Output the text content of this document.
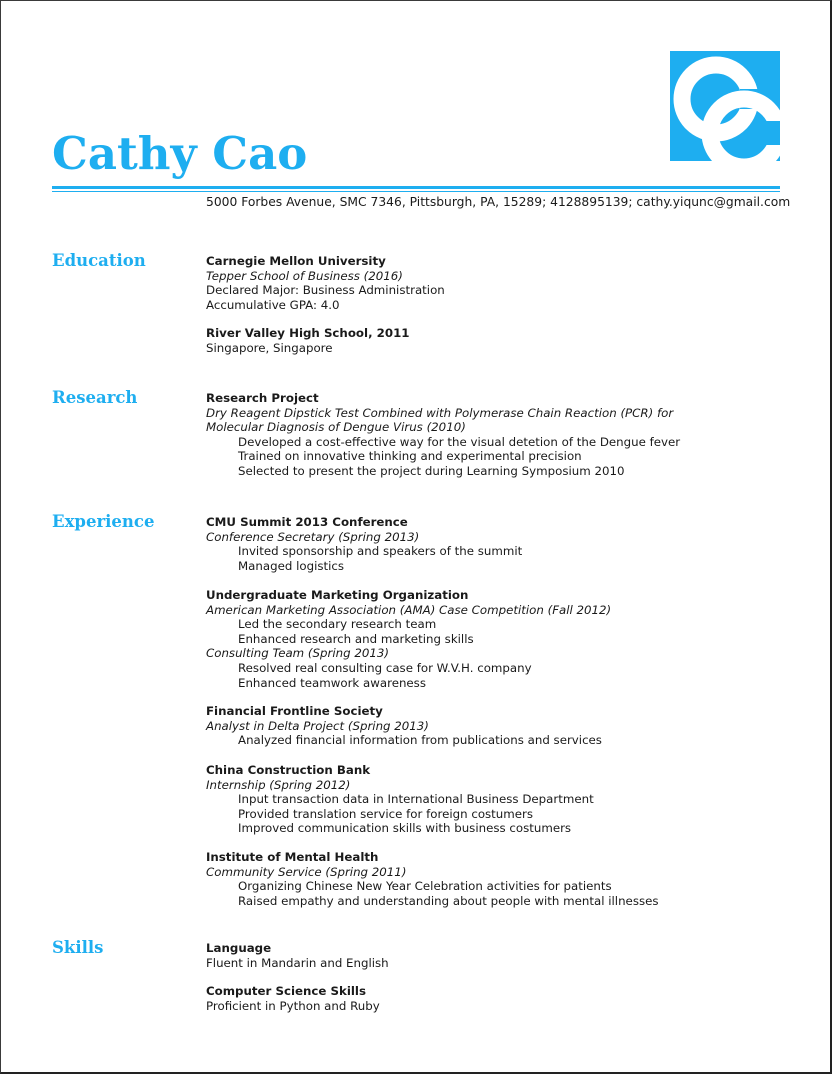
Cathy Cao
5000 Forbes Avenue, SMC 7346, Pittsburgh, PA, 15289; 4128895139; cathy.yiqunc@gmail.com
Education	Carnegie Mellon University
Tepper School of Business (2016)
Declared Major: Business Administration
Accumulative GPA: 4.0
River Valley High School, 2011
Singapore, Singapore
Research	Research Project
Dry Reagent Dipstick Test Combined with Polymerase Chain Reaction (PCR) for
Molecular Diagnosis of Dengue Virus (2010)
Developed a cost-effective way for the visual detetion of the Dengue fever
Trained on innovative thinking and experimental precision
Selected to present the project during Learning Symposium 2010
Experience	CMU Summit 2013 Conference
Conference Secretary (Spring 2013)
Invited sponsorship and speakers of the summit
Managed logistics
Undergraduate Marketing Organization
American Marketing Association (AMA) Case Competition (Fall 2012)
Led the secondary research team
Enhanced research and marketing skills
Consulting Team (Spring 2013)
Resolved real consulting case for W.V.H. company
Enhanced teamwork awareness
Financial Frontline Society
Analyst in Delta Project (Spring 2013)
Analyzed financial information from publications and services
China Construction Bank
Internship (Spring 2012)
Input transaction data in International Business Department
Provided translation service for foreign costumers
Improved communication skills with business costumers
Institute of Mental Health
Community Service (Spring 2011)
Organizing Chinese New Year Celebration activities for patients
Raised empathy and understanding about people with mental illnesses
Skills	Language
Fluent in Mandarin and English
Computer Science Skills
Proficient in Python and Ruby
